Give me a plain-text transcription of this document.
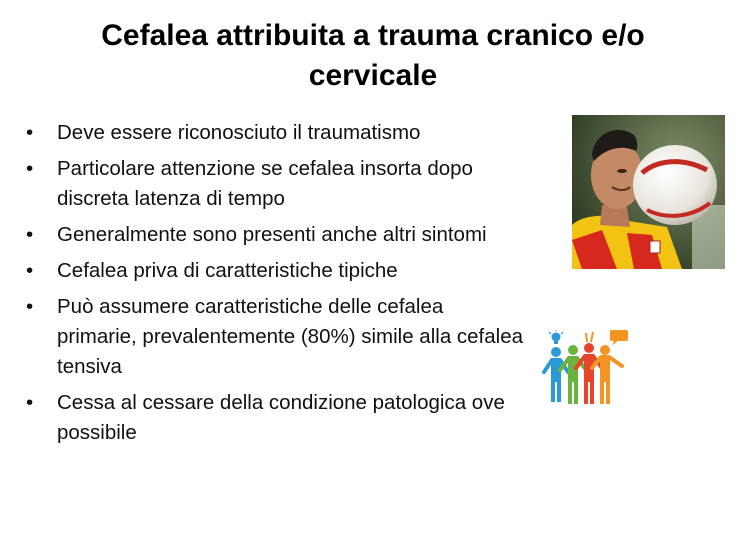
Cefalea attribuita a trauma cranico e/o cervicale
•	Deve essere riconosciuto il traumatismo
•	Particolare attenzione se cefalea insorta dopo discreta latenza di tempo
•	Generalmente sono presenti anche altri sintomi
•	Cefalea priva di caratteristiche tipiche
•	Può assumere caratteristiche delle cefalea primarie, prevalentemente (80%) simile alla cefalea tensiva
•	Cessa al cessare della condizione patologica ove possibile
